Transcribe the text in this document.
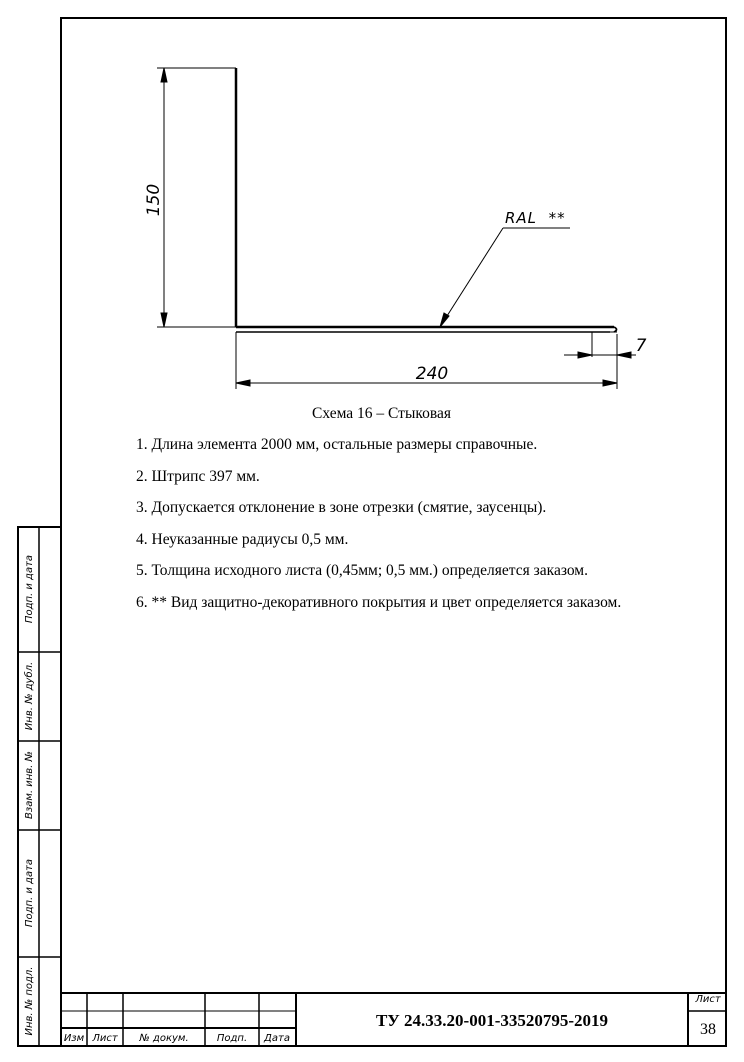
Подп. и дата
Инв. № дубл.
Взам. инв. №
Подп. и дата
Инв. № подл.
Изм Лист № докум.	Подп. Дата
150
240
7
RAL  **
Схема 16 – Стыковая
1. Длина элемента 2000 мм, остальные размеры справочные.
2. Штрипс 397 мм.
3. Допускается отклонение в зоне отрезки (смятие, заусенцы).
4. Неуказанные радиусы 0,5 мм.
5. Толщина исходного листа (0,45мм; 0,5 мм.) определяется заказом.
6. ** Вид защитно-декоративного покрытия и цвет определяется заказом.
ТУ 24.33.20-001-33520795-2019
Лист
38
